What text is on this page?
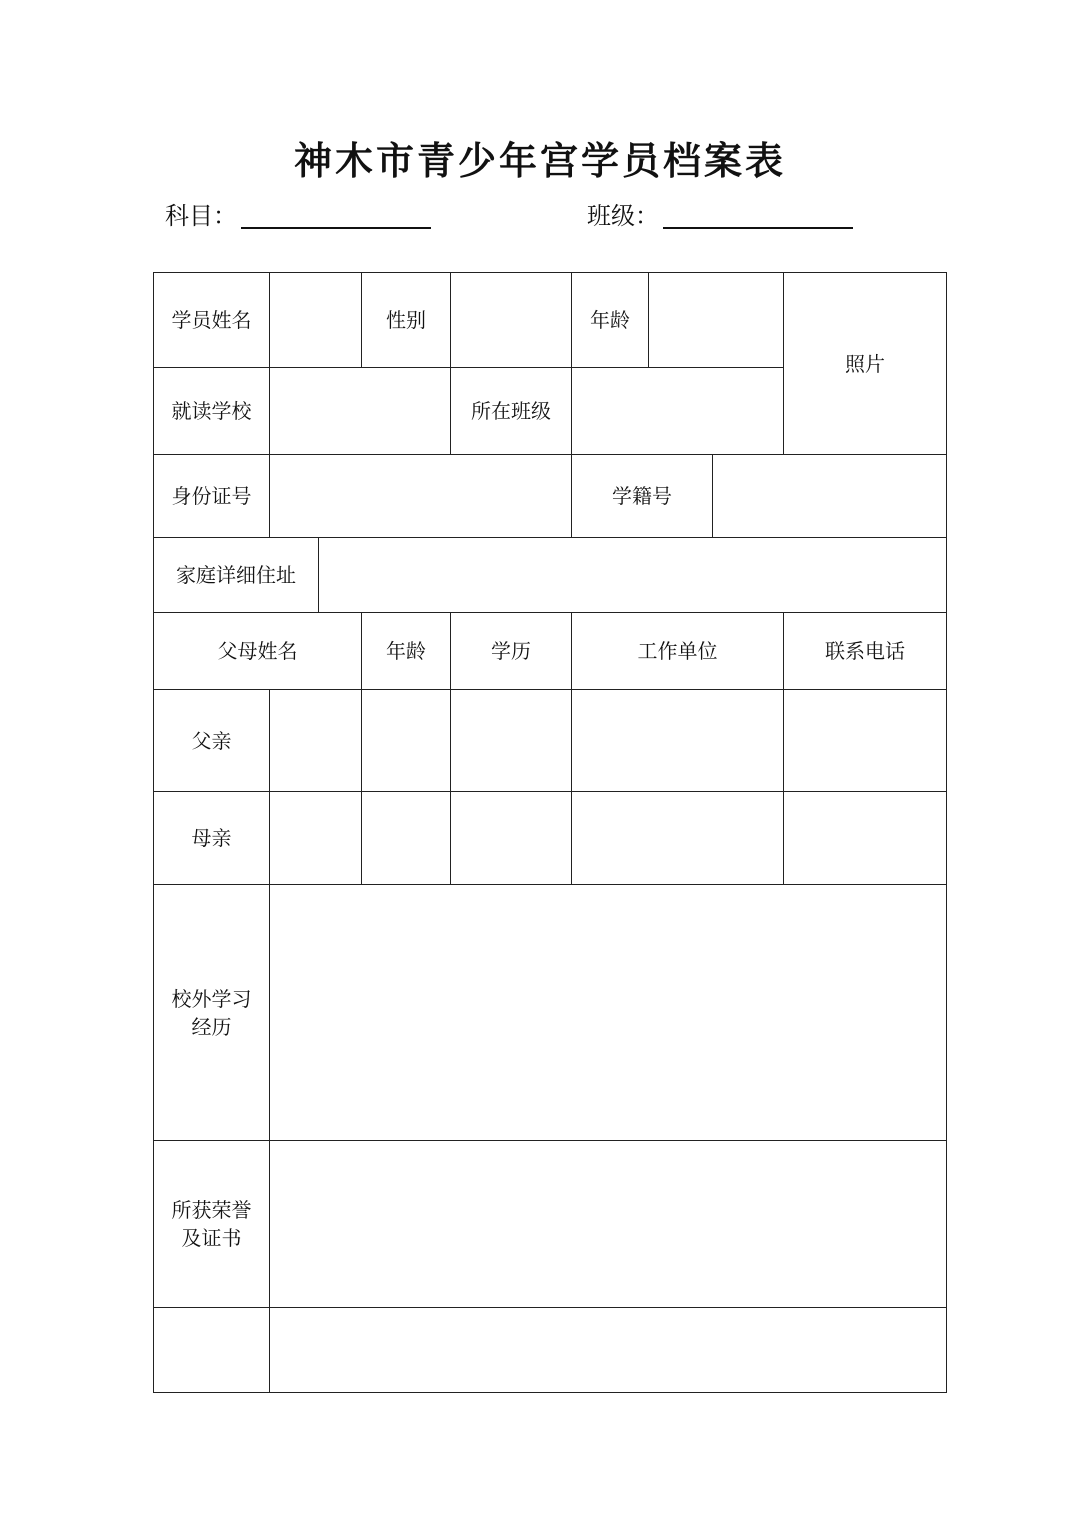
神木市青少年宫学员档案表
科目：	班级：
学员姓名			性别		年龄			照片
就读学校				所在班级				
身份证号					学籍号			
家庭详细住址								
父母姓名			年龄	学历	工作单位			联系电话
父亲								
母亲								

校外学习经历								

所获荣誉及证书								
